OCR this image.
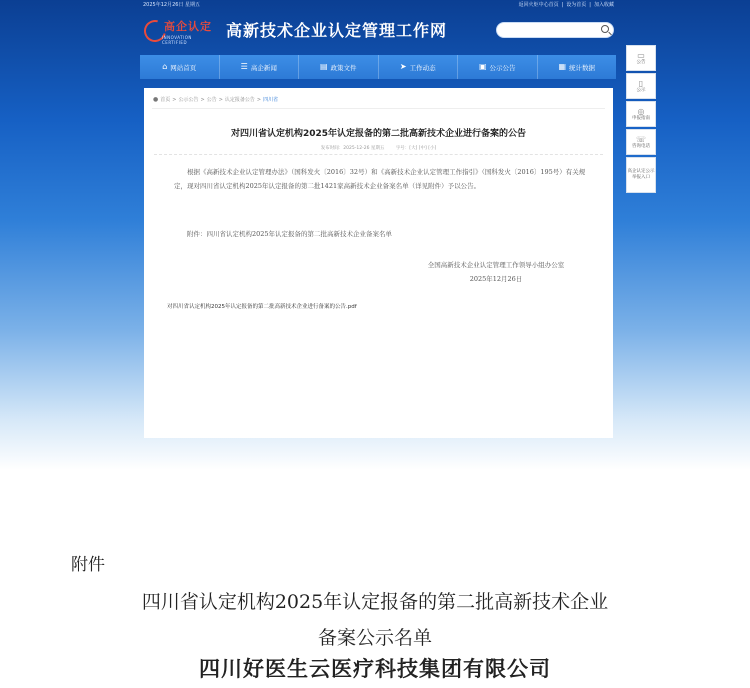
2025年12月26日 星期五	返回火炬中心首页 | 设为首页 | 加入收藏
高企认定
INNOVATION CERTIFIED
高新技术企业认定管理工作网
⌂ 网站首页	☰ 高企新闻	▤ 政策文件	➤ 工作动态	▣ 公示公告	▦ 统计数据
● 首页 > 公示公告 > 公告 > 认定报备公告 > 四川省
对四川省认定机构2025年认定报备的第二批高新技术企业进行备案的公告
发布时间：2025-12-26 星期五	字号：[大] [中] [小]
根据《高新技术企业认定管理办法》（国科发火〔2016〕32号）和《高新技术企业认定管理工作指引》（国科发火〔2016〕195号）有关规定，现对四川省认定机构2025年认定报备的第二批1421家高新技术企业备案名单（详见附件）予以公告。
附件：四川省认定机构2025年认定报备的第二批高新技术企业备案名单
全国高新技术企业认定管理工作领导小组办公室
2025年12月26日
对四川省认定机构2025年认定报备的第二批高新技术企业进行备案的公告.pdf
▭
公告
▯
公示
◎
申报指南
☏
咨询电话
高企认定公示举报入口
附件
四川省认定机构2025年认定报备的第二批高新技术企业
备案公示名单
四川好医生云医疗科技集团有限公司
